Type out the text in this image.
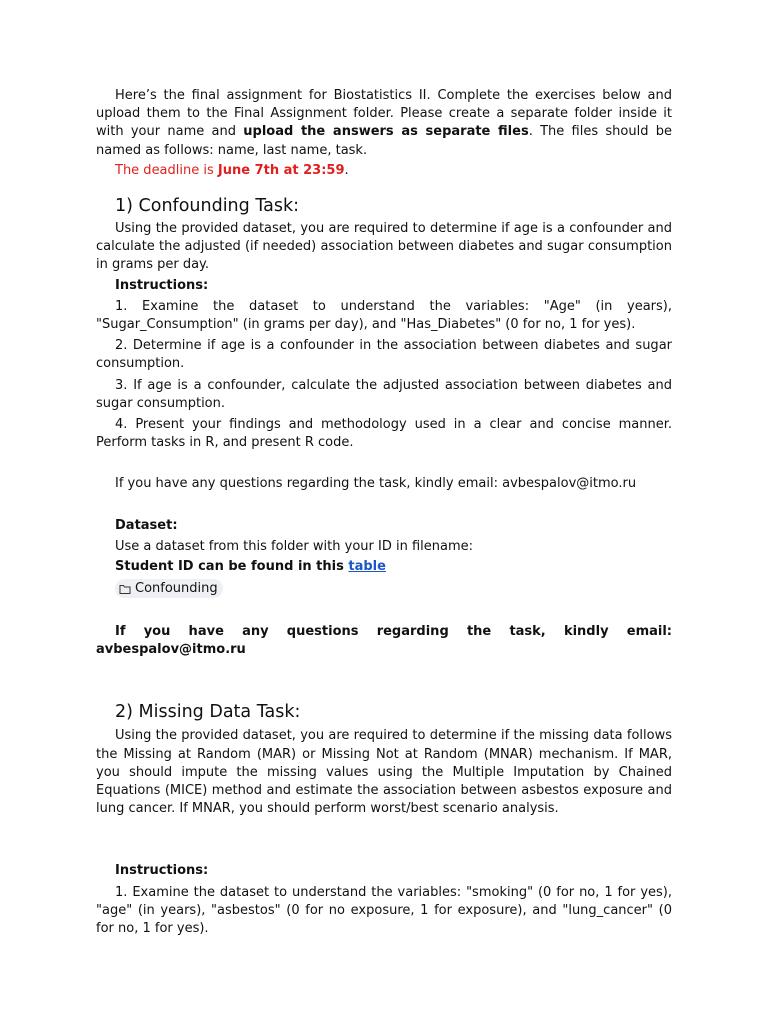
Here’s the final assignment for Biostatistics II. Complete the exercises below and upload them to the Final Assignment folder. Please create a separate folder inside it with your name and upload the answers as separate files. The files should be named as follows: name, last name, task.

The deadline is June 7th at 23:59.

1) Confounding Task:

Using the provided dataset, you are required to determine if age is a confounder and calculate the adjusted (if needed) association between diabetes and sugar consumption in grams per day.

Instructions:

1. Examine the dataset to understand the variables: "Age" (in years), "Sugar_Consumption" (in grams per day), and "Has_Diabetes" (0 for no, 1 for yes).

2. Determine if age is a confounder in the association between diabetes and sugar consumption.

3. If age is a confounder, calculate the adjusted association between diabetes and sugar consumption.

4. Present your findings and methodology used in a clear and concise manner. Perform tasks in R, and present R code.

If you have any questions regarding the task, kindly email: avbespalov@itmo.ru

Dataset:

Use a dataset from this folder with your ID in filename:

Student ID can be found in this table

Confounding

If you have any questions regarding the task, kindly email: avbespalov@itmo.ru

2) Missing Data Task:

Using the provided dataset, you are required to determine if the missing data follows the Missing at Random (MAR) or Missing Not at Random (MNAR) mechanism. If MAR, you should impute the missing values using the Multiple Imputation by Chained Equations (MICE) method and estimate the association between asbestos exposure and lung cancer. If MNAR, you should perform worst/best scenario analysis.

Instructions:

1. Examine the dataset to understand the variables: "smoking" (0 for no, 1 for yes), "age" (in years), "asbestos" (0 for no exposure, 1 for exposure), and "lung_cancer" (0 for no, 1 for yes).
